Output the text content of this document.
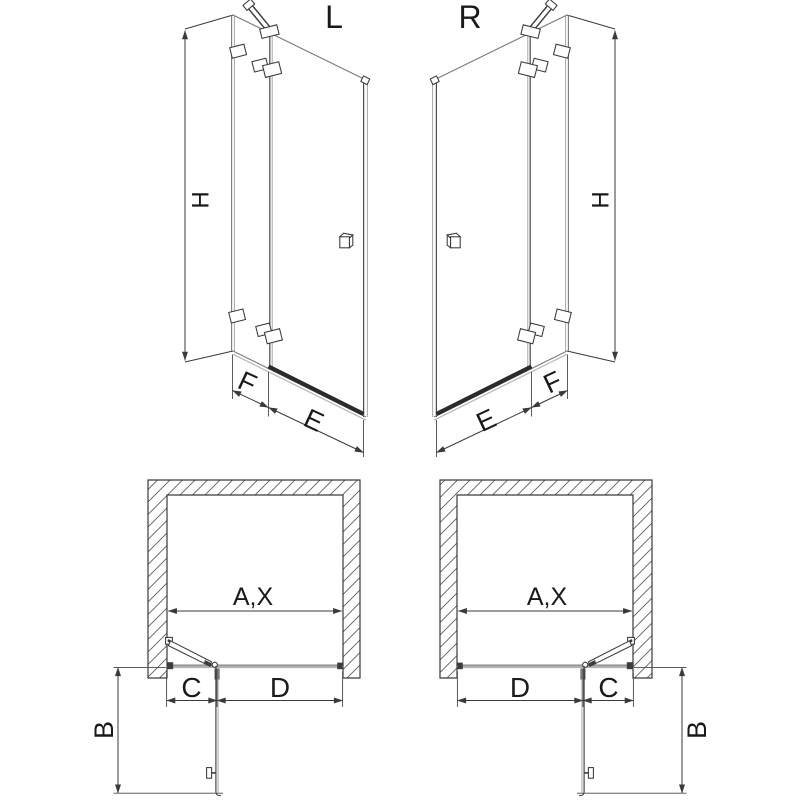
L	R
H	H
F
E
F
E
A,X	A,X
C D	D C
B	B
